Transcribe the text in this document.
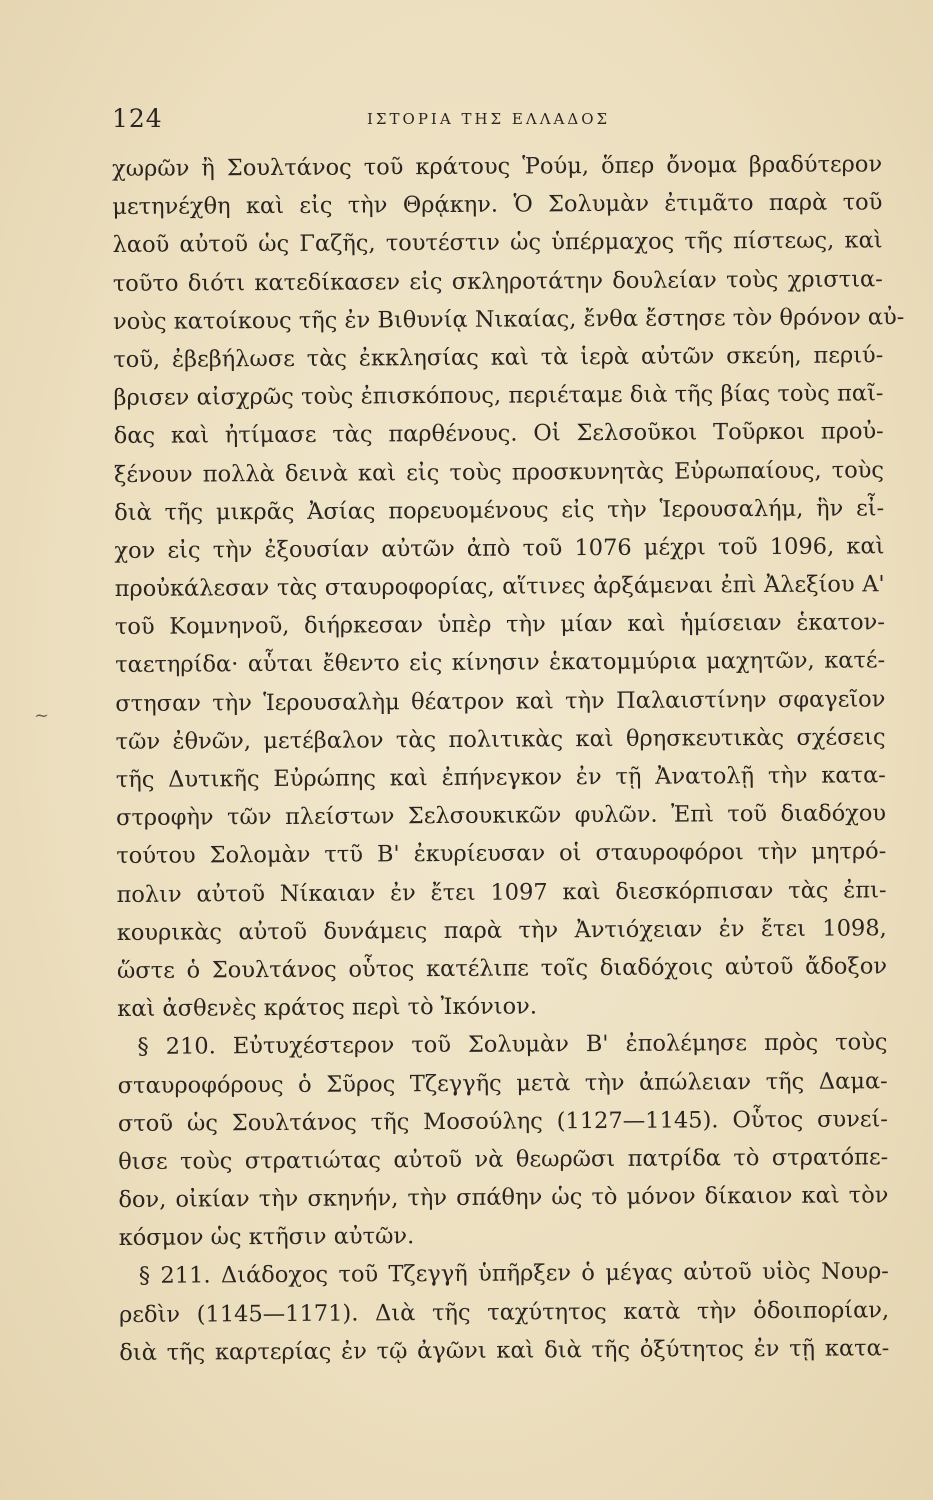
124	ΙΣΤΟΡΙΑ ΤΗΣ ΕΛΛΑΔΟΣ
~
χωρῶν ἢ Σουλτάνος τοῦ κράτους Ῥούμ, ὅπερ ὄνομα βραδύτερον
μετηνέχθη καὶ εἰς τὴν Θρᾴκην. Ὁ Σολυμὰν ἐτιμᾶτο παρὰ τοῦ
λαοῦ αὐτοῦ ὡς Γαζῆς, τουτέστιν ὡς ὑπέρμαχος τῆς πίστεως, καὶ
τοῦτο διότι κατεδίκασεν εἰς σκληροτάτην δουλείαν τοὺς χριστια-
νοὺς κατοίκους τῆς ἐν Βιθυνίᾳ Νικαίας, ἔνθα ἔστησε τὸν θρόνον αὐ-
τοῦ, ἐβεβήλωσε τὰς ἐκκλησίας καὶ τὰ ἱερὰ αὐτῶν σκεύη, περιύ-
βρισεν αἰσχρῶς τοὺς ἐπισκόπους, περιέταμε διὰ τῆς βίας τοὺς παῖ-
δας καὶ ἠτίμασε τὰς παρθένους. Οἱ Σελσοῦκοι Τοῦρκοι προὐ-
ξένουν πολλὰ δεινὰ καὶ εἰς τοὺς προσκυνητὰς Εὐρωπαίους, τοὺς
διὰ τῆς μικρᾶς Ἀσίας πορευομένους εἰς τὴν Ἱερουσαλήμ, ἣν εἶ-
χον εἰς τὴν ἐξουσίαν αὐτῶν ἀπὸ τοῦ 1076 μέχρι τοῦ 1096, καὶ
προὐκάλεσαν τὰς σταυροφορίας, αἵτινες ἀρξάμεναι ἐπὶ Ἀλεξίου Α'
τοῦ Κομνηνοῦ, διήρκεσαν ὑπὲρ τὴν μίαν καὶ ἡμίσειαν ἑκατον-
ταετηρίδα· αὗται ἔθεντο εἰς κίνησιν ἑκατομμύρια μαχητῶν, κατέ-
στησαν τὴν Ἱερουσαλὴμ θέατρον καὶ τὴν Παλαιστίνην σφαγεῖον
τῶν ἐθνῶν, μετέβαλον τὰς πολιτικὰς καὶ θρησκευτικὰς σχέσεις
τῆς Δυτικῆς Εὐρώπης καὶ ἐπήνεγκον ἐν τῇ Ἀνατολῇ τὴν κατα-
στροφὴν τῶν πλείστων Σελσουκικῶν φυλῶν. Ἐπὶ τοῦ διαδόχου
τούτου Σολομὰν ττῦ Β' ἐκυρίευσαν οἱ σταυροφόροι τὴν μητρό-
πολιν αὐτοῦ Νίκαιαν ἐν ἔτει 1097 καὶ διεσκόρπισαν τὰς ἐπι-
κουρικὰς αὐτοῦ δυνάμεις παρὰ τὴν Ἀντιόχειαν ἐν ἔτει 1098,
ὥστε ὁ Σουλτάνος οὗτος κατέλιπε τοῖς διαδόχοις αὐτοῦ ἄδοξον
καὶ ἀσθενὲς κράτος περὶ τὸ Ἰκόνιον.
§ 210. Εὐτυχέστερον τοῦ Σολυμὰν Β' ἐπολέμησε πρὸς τοὺς
σταυροφόρους ὁ Σῦρος Τζεγγῆς μετὰ τὴν ἀπώλειαν τῆς Δαμα-
στοῦ ὡς Σουλτάνος τῆς Μοσούλης (1127—1145). Οὗτος συνεί-
θισε τοὺς στρατιώτας αὐτοῦ νὰ θεωρῶσι πατρίδα τὸ στρατόπε-
δον, οἰκίαν τὴν σκηνήν, τὴν σπάθην ὡς τὸ μόνον δίκαιον καὶ τὸν
κόσμον ὡς κτῆσιν αὐτῶν.
§ 211. Διάδοχος τοῦ Τζεγγῆ ὑπῆρξεν ὁ μέγας αὐτοῦ υἱὸς Νουρ-
ρεδὶν (1145—1171). Διὰ τῆς ταχύτητος κατὰ τὴν ὁδοιπορίαν,
διὰ τῆς καρτερίας ἐν τῷ ἀγῶνι καὶ διὰ τῆς ὀξύτητος ἐν τῇ κατα-
